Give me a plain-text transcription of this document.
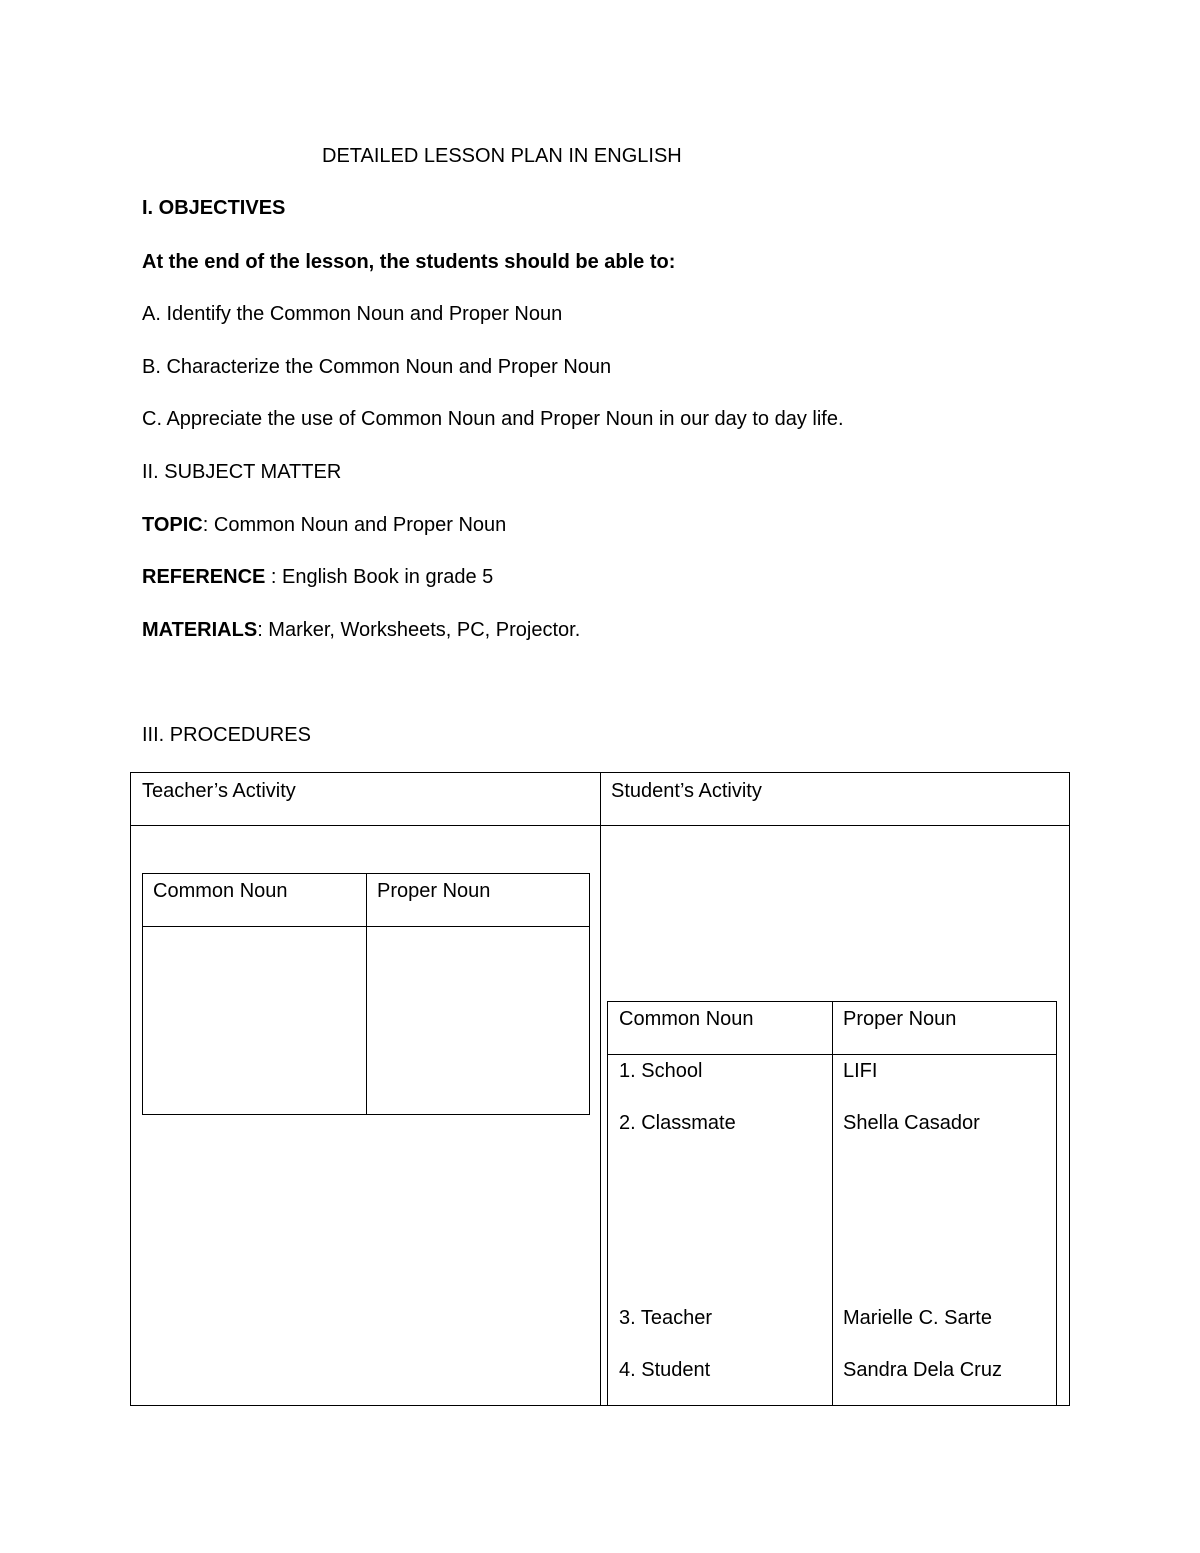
DETAILED LESSON PLAN IN ENGLISH
I. OBJECTIVES
At the end of the lesson, the students should be able to:
A. Identify the Common Noun and Proper Noun
B. Characterize the Common Noun and Proper Noun
C. Appreciate the use of Common Noun and Proper Noun in our day to day life.
II. SUBJECT MATTER
TOPIC: Common Noun and Proper Noun
REFERENCE : English Book in grade 5
MATERIALS: Marker, Worksheets, PC, Projector.
III. PROCEDURES
Teacher’s Activity	Student’s Activity
Common Noun	Proper Noun
Common Noun	Proper Noun
1. School	LIFI
2. Classmate	Shella Casador
3. Teacher	Marielle C. Sarte
4. Student	Sandra Dela Cruz
